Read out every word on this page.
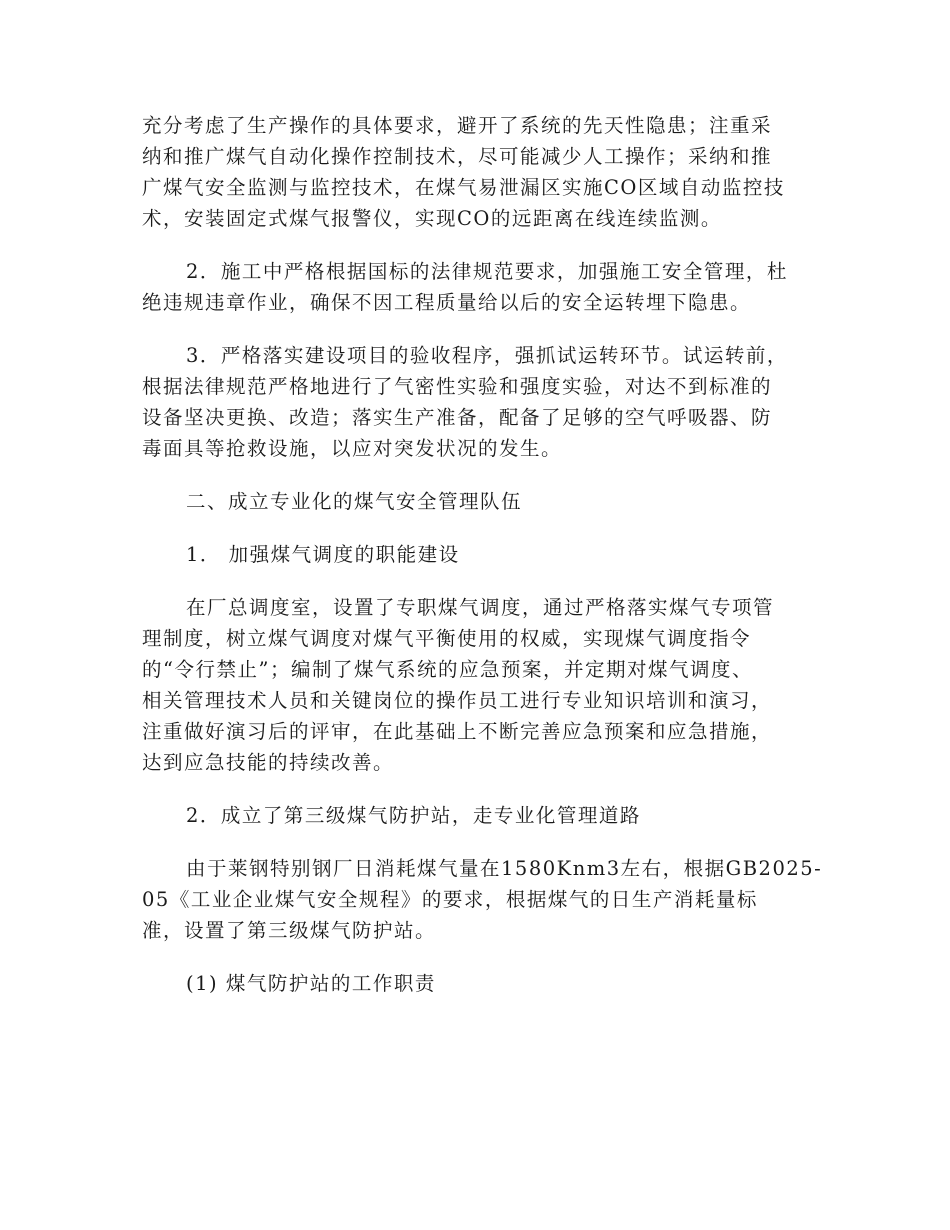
充分考虑了生产操作的具体要求，避开了系统的先天性隐患；注重采
纳和推广煤气自动化操作控制技术，尽可能减少人工操作；采纳和推
广煤气安全监测与监控技术，在煤气易泄漏区实施CO区域自动监控技
术，安装固定式煤气报警仪，实现CO的远距离在线连续监测。

2．施工中严格根据国标的法律规范要求，加强施工安全管理，杜
绝违规违章作业，确保不因工程质量给以后的安全运转埋下隐患。

3．严格落实建设项目的验收程序，强抓试运转环节。试运转前，
根据法律规范严格地进行了气密性实验和强度实验，对达不到标准的
设备坚决更换、改造；落实生产准备，配备了足够的空气呼吸器、防
毒面具等抢救设施，以应对突发状况的发生。

二、成立专业化的煤气安全管理队伍

1． 加强煤气调度的职能建设

在厂总调度室，设置了专职煤气调度，通过严格落实煤气专项管
理制度，树立煤气调度对煤气平衡使用的权威，实现煤气调度指令
的“令行禁止”；编制了煤气系统的应急预案，并定期对煤气调度、
相关管理技术人员和关键岗位的操作员工进行专业知识培训和演习，
注重做好演习后的评审，在此基础上不断完善应急预案和应急措施，
达到应急技能的持续改善。

2．成立了第三级煤气防护站，走专业化管理道路

由于莱钢特别钢厂日消耗煤气量在1580Knm3左右，根据GB2025-
05《工业企业煤气安全规程》的要求，根据煤气的日生产消耗量标
准，设置了第三级煤气防护站。

(1) 煤气防护站的工作职责
